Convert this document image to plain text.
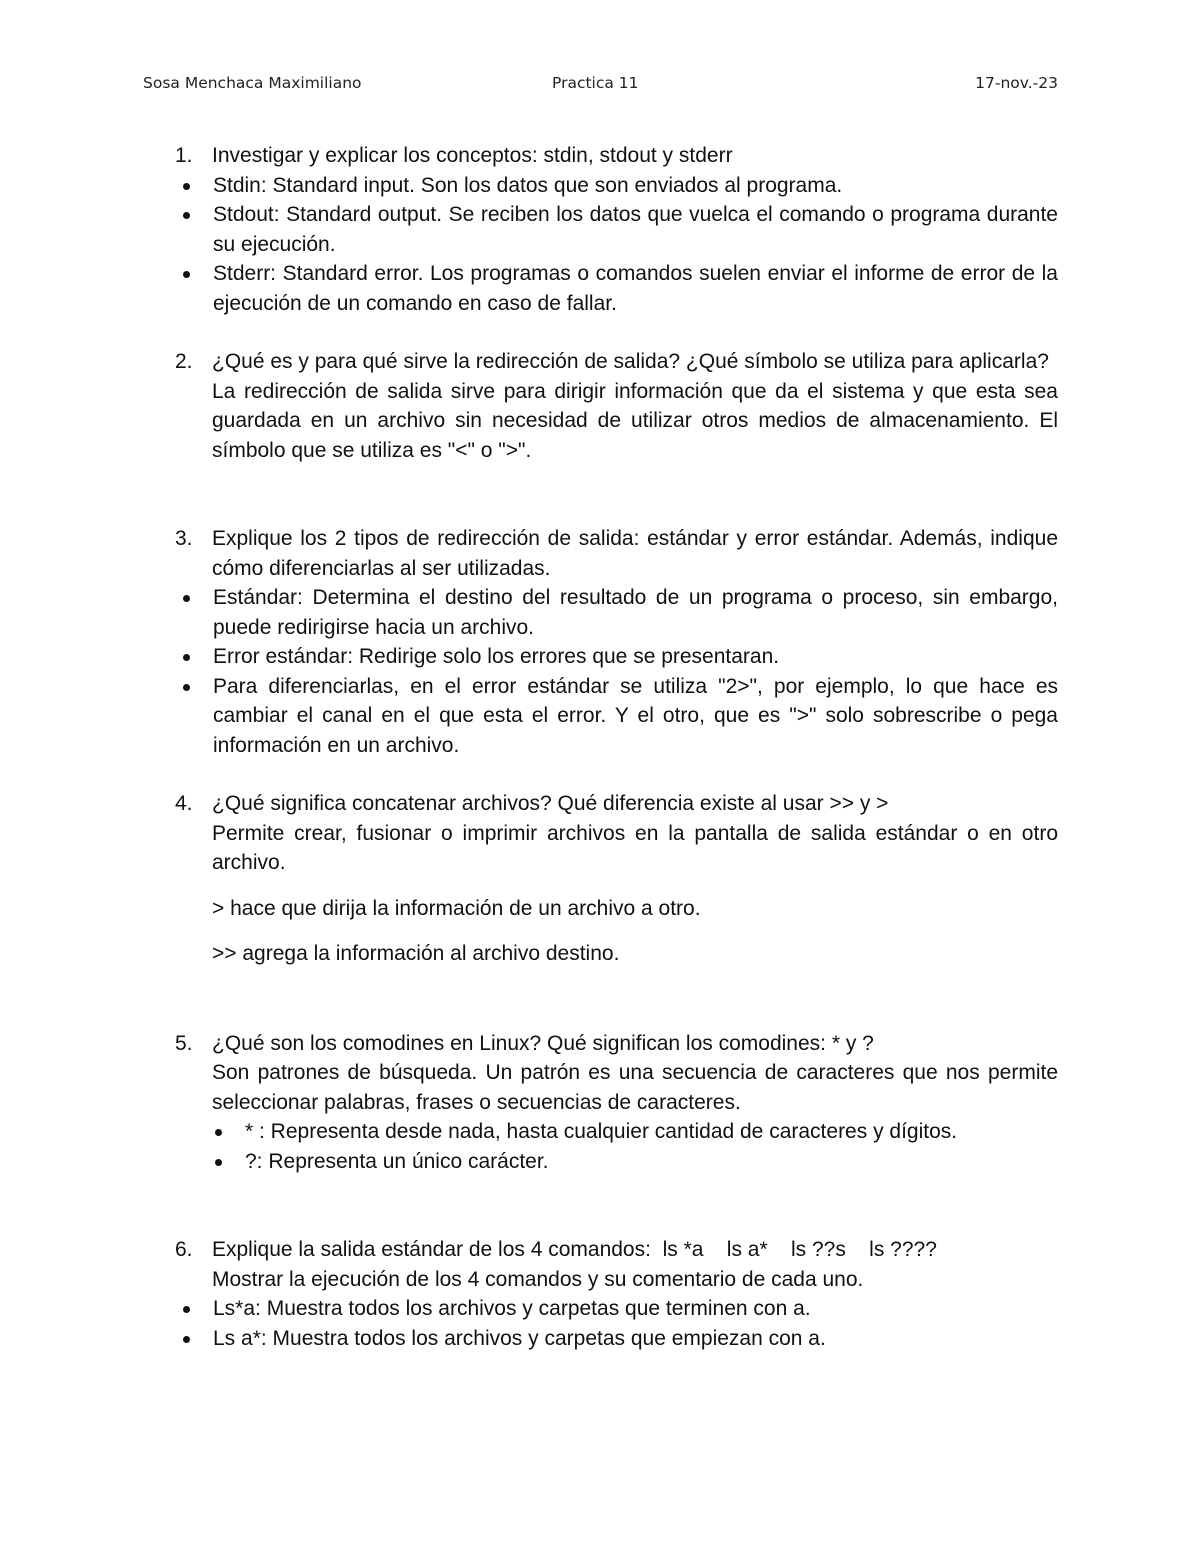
Sosa Menchaca Maximiliano	Practica 11	17-nov.-23
1. Investigar y explicar los conceptos: stdin, stdout y stderr
Stdin: Standard input. Son los datos que son enviados al programa.
Stdout: Standard output. Se reciben los datos que vuelca el comando o programa durante su ejecución.
Stderr: Standard error. Los programas o comandos suelen enviar el informe de error de la ejecución de un comando en caso de fallar.
2. ¿Qué es y para qué sirve la redirección de salida? ¿Qué símbolo se utiliza para aplicarla?
La redirección de salida sirve para dirigir información que da el sistema y que esta sea guardada en un archivo sin necesidad de utilizar otros medios de almacenamiento. El símbolo que se utiliza es "<" o ">".
3. Explique los 2 tipos de redirección de salida: estándar y error estándar. Además, indique cómo diferenciarlas al ser utilizadas.
Estándar: Determina el destino del resultado de un programa o proceso, sin embargo, puede redirigirse hacia un archivo.
Error estándar: Redirige solo los errores que se presentaran.
Para diferenciarlas, en el error estándar se utiliza "2>", por ejemplo, lo que hace es cambiar el canal en el que esta el error. Y el otro, que es ">" solo sobrescribe o pega información en un archivo.
4. ¿Qué significa concatenar archivos? Qué diferencia existe al usar >> y >
Permite crear, fusionar o imprimir archivos en la pantalla de salida estándar o en otro archivo.

> hace que dirija la información de un archivo a otro.

>> agrega la información al archivo destino.

5. ¿Qué son los comodines en Linux? Qué significan los comodines: * y ?
Son patrones de búsqueda. Un patrón es una secuencia de caracteres que nos permite seleccionar palabras, frases o secuencias de caracteres.
* : Representa desde nada, hasta cualquier cantidad de caracteres y dígitos.
?: Representa un único carácter.
6. Explique la salida estándar de los 4 comandos:  ls *a    ls a*    ls ??s    ls ????
Mostrar la ejecución de los 4 comandos y su comentario de cada uno.
Ls*a: Muestra todos los archivos y carpetas que terminen con a.
Ls a*: Muestra todos los archivos y carpetas que empiezan con a.
